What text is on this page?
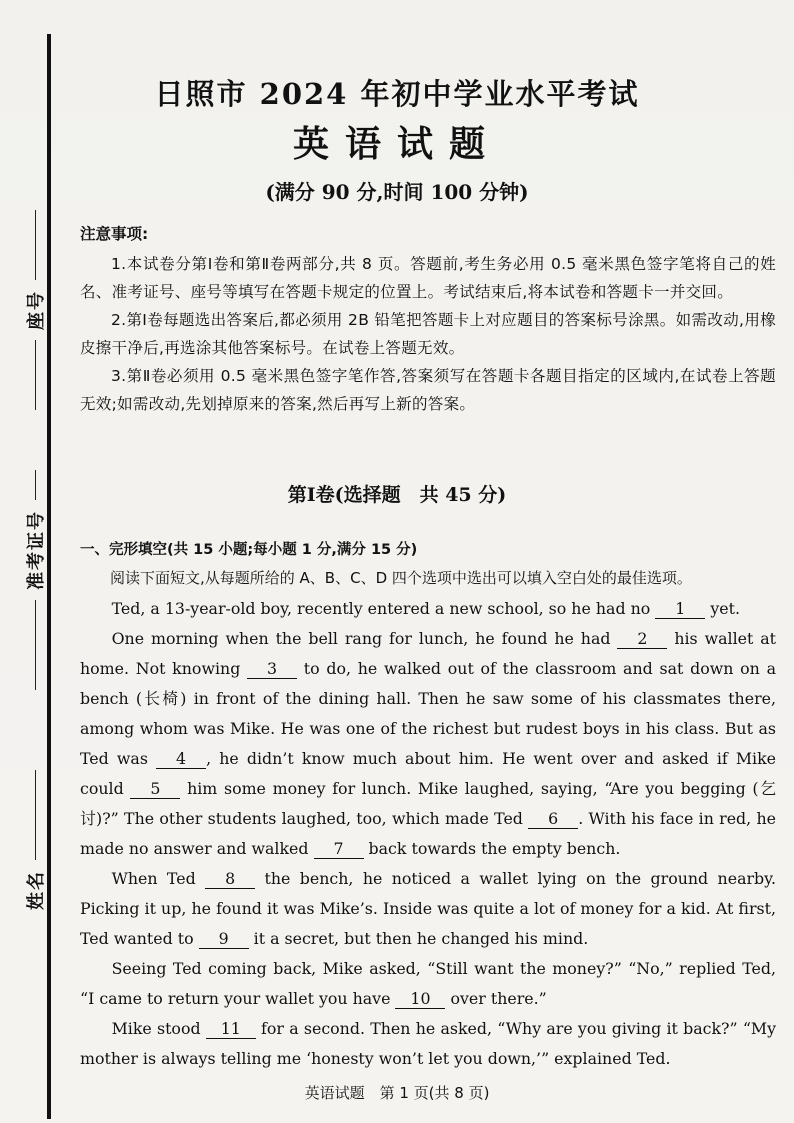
座号
准考证号
姓名
日照市 2024 年初中学业水平考试
英语试题
(满分 90 分,时间 100 分钟)
注意事项:
1.本试卷分第Ⅰ卷和第Ⅱ卷两部分,共 8 页。答题前,考生务必用 0.5 毫米黑色签字笔将自己的姓名、准考证号、座号等填写在答题卡规定的位置上。考试结束后,将本试卷和答题卡一并交回。
2.第Ⅰ卷每题选出答案后,都必须用 2B 铅笔把答题卡上对应题目的答案标号涂黑。如需改动,用橡皮擦干净后,再选涂其他答案标号。在试卷上答题无效。
3.第Ⅱ卷必须用 0.5 毫米黑色签字笔作答,答案须写在答题卡各题目指定的区域内,在试卷上答题无效;如需改动,先划掉原来的答案,然后再写上新的答案。
第Ⅰ卷(选择题　共 45 分)
一、完形填空(共 15 小题;每小题 1 分,满分 15 分)
阅读下面短文,从每题所给的 A、B、C、D 四个选项中选出可以填入空白处的最佳选项。

Ted, a 13-year-old boy, recently entered a new school, so he had no 1 yet.

One morning when the bell rang for lunch, he found he had 2 his wallet at home. Not knowing 3 to do, he walked out of the classroom and sat down on a bench (长椅) in front of the dining hall. Then he saw some of his classmates there, among whom was Mike. He was one of the richest but rudest boys in his class. But as Ted was 4 , he didn’t know much about him. He went over and asked if Mike could 5 him some money for lunch. Mike laughed, saying, “Are you begging (乞讨)?” The other students laughed, too, which made Ted 6 . With his face in red, he made no answer and walked 7 back towards the empty bench.

When Ted 8 the bench, he noticed a wallet lying on the ground nearby. Picking it up, he found it was Mike’s. Inside was quite a lot of money for a kid. At first, Ted wanted to 9 it a secret, but then he changed his mind.

Seeing Ted coming back, Mike asked, “Still want the money?” “No,” replied Ted, “I came to return your wallet you have 10 over there.”

Mike stood 11 for a second. Then he asked, “Why are you giving it back?” “My mother is always telling me ‘honesty won’t let you down,’” explained Ted.

英语试题　第 1 页(共 8 页)
